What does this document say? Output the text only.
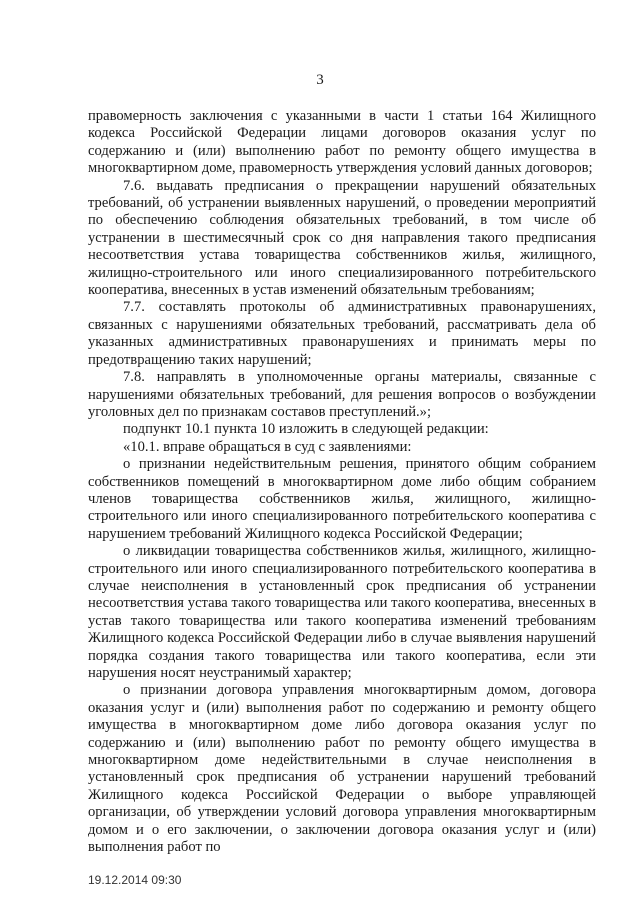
3

правомерность заключения с указанными в части 1 статьи 164 Жилищного кодекса Российской Федерации лицами договоров оказания услуг по содержанию и (или) выполнению работ по ремонту общего имущества в многоквартирном доме, правомерность утверждения условий данных договоров;

7.6. выдавать предписания о прекращении нарушений обязательных требований, об устранении выявленных нарушений, о проведении мероприятий по обеспечению соблюдения обязательных требований, в том числе об устранении в шестимесячный срок со дня направления такого предписания несоответствия устава товарищества собственников жилья, жилищного, жилищно-строительного или иного специализированного потребительского кооператива, внесенных в устав изменений обязательным требованиям;

7.7. составлять протоколы об административных правонарушениях, связанных с нарушениями обязательных требований, рассматривать дела об указанных административных правонарушениях и принимать меры по предотвращению таких нарушений;

7.8. направлять в уполномоченные органы материалы, связанные с нарушениями обязательных требований, для решения вопросов о возбуждении уголовных дел по признакам составов преступлений.»;

подпункт 10.1 пункта 10 изложить в следующей редакции:

«10.1. вправе обращаться в суд с заявлениями:

о признании недействительным решения, принятого общим собранием собственников помещений в многоквартирном доме либо общим собранием членов товарищества собственников жилья, жилищного, жилищно-строительного или иного специализированного потребительского кооператива с нарушением требований Жилищного кодекса Российской Федерации;

о ликвидации товарищества собственников жилья, жилищного, жилищно-строительного или иного специализированного потребительского кооператива в случае неисполнения в установленный срок предписания об устранении несоответствия устава такого товарищества или такого кооператива, внесенных в устав такого товарищества или такого кооператива изменений требованиям Жилищного кодекса Российской Федерации либо в случае выявления нарушений порядка создания такого товарищества или такого кооператива, если эти нарушения носят неустранимый характер;

о признании договора управления многоквартирным домом, договора оказания услуг и (или) выполнения работ по содержанию и ремонту общего имущества в многоквартирном доме либо договора оказания услуг по содержанию и (или) выполнению работ по ремонту общего имущества в многоквартирном доме недействительными в случае неисполнения в установленный срок предписания об устранении нарушений требований Жилищного кодекса Российской Федерации о выборе управляющей организации, об утверждении условий договора управления многоквартирным домом и о его заключении, о заключении договора оказания услуг и (или) выполнения работ по

19.12.2014 09:30
